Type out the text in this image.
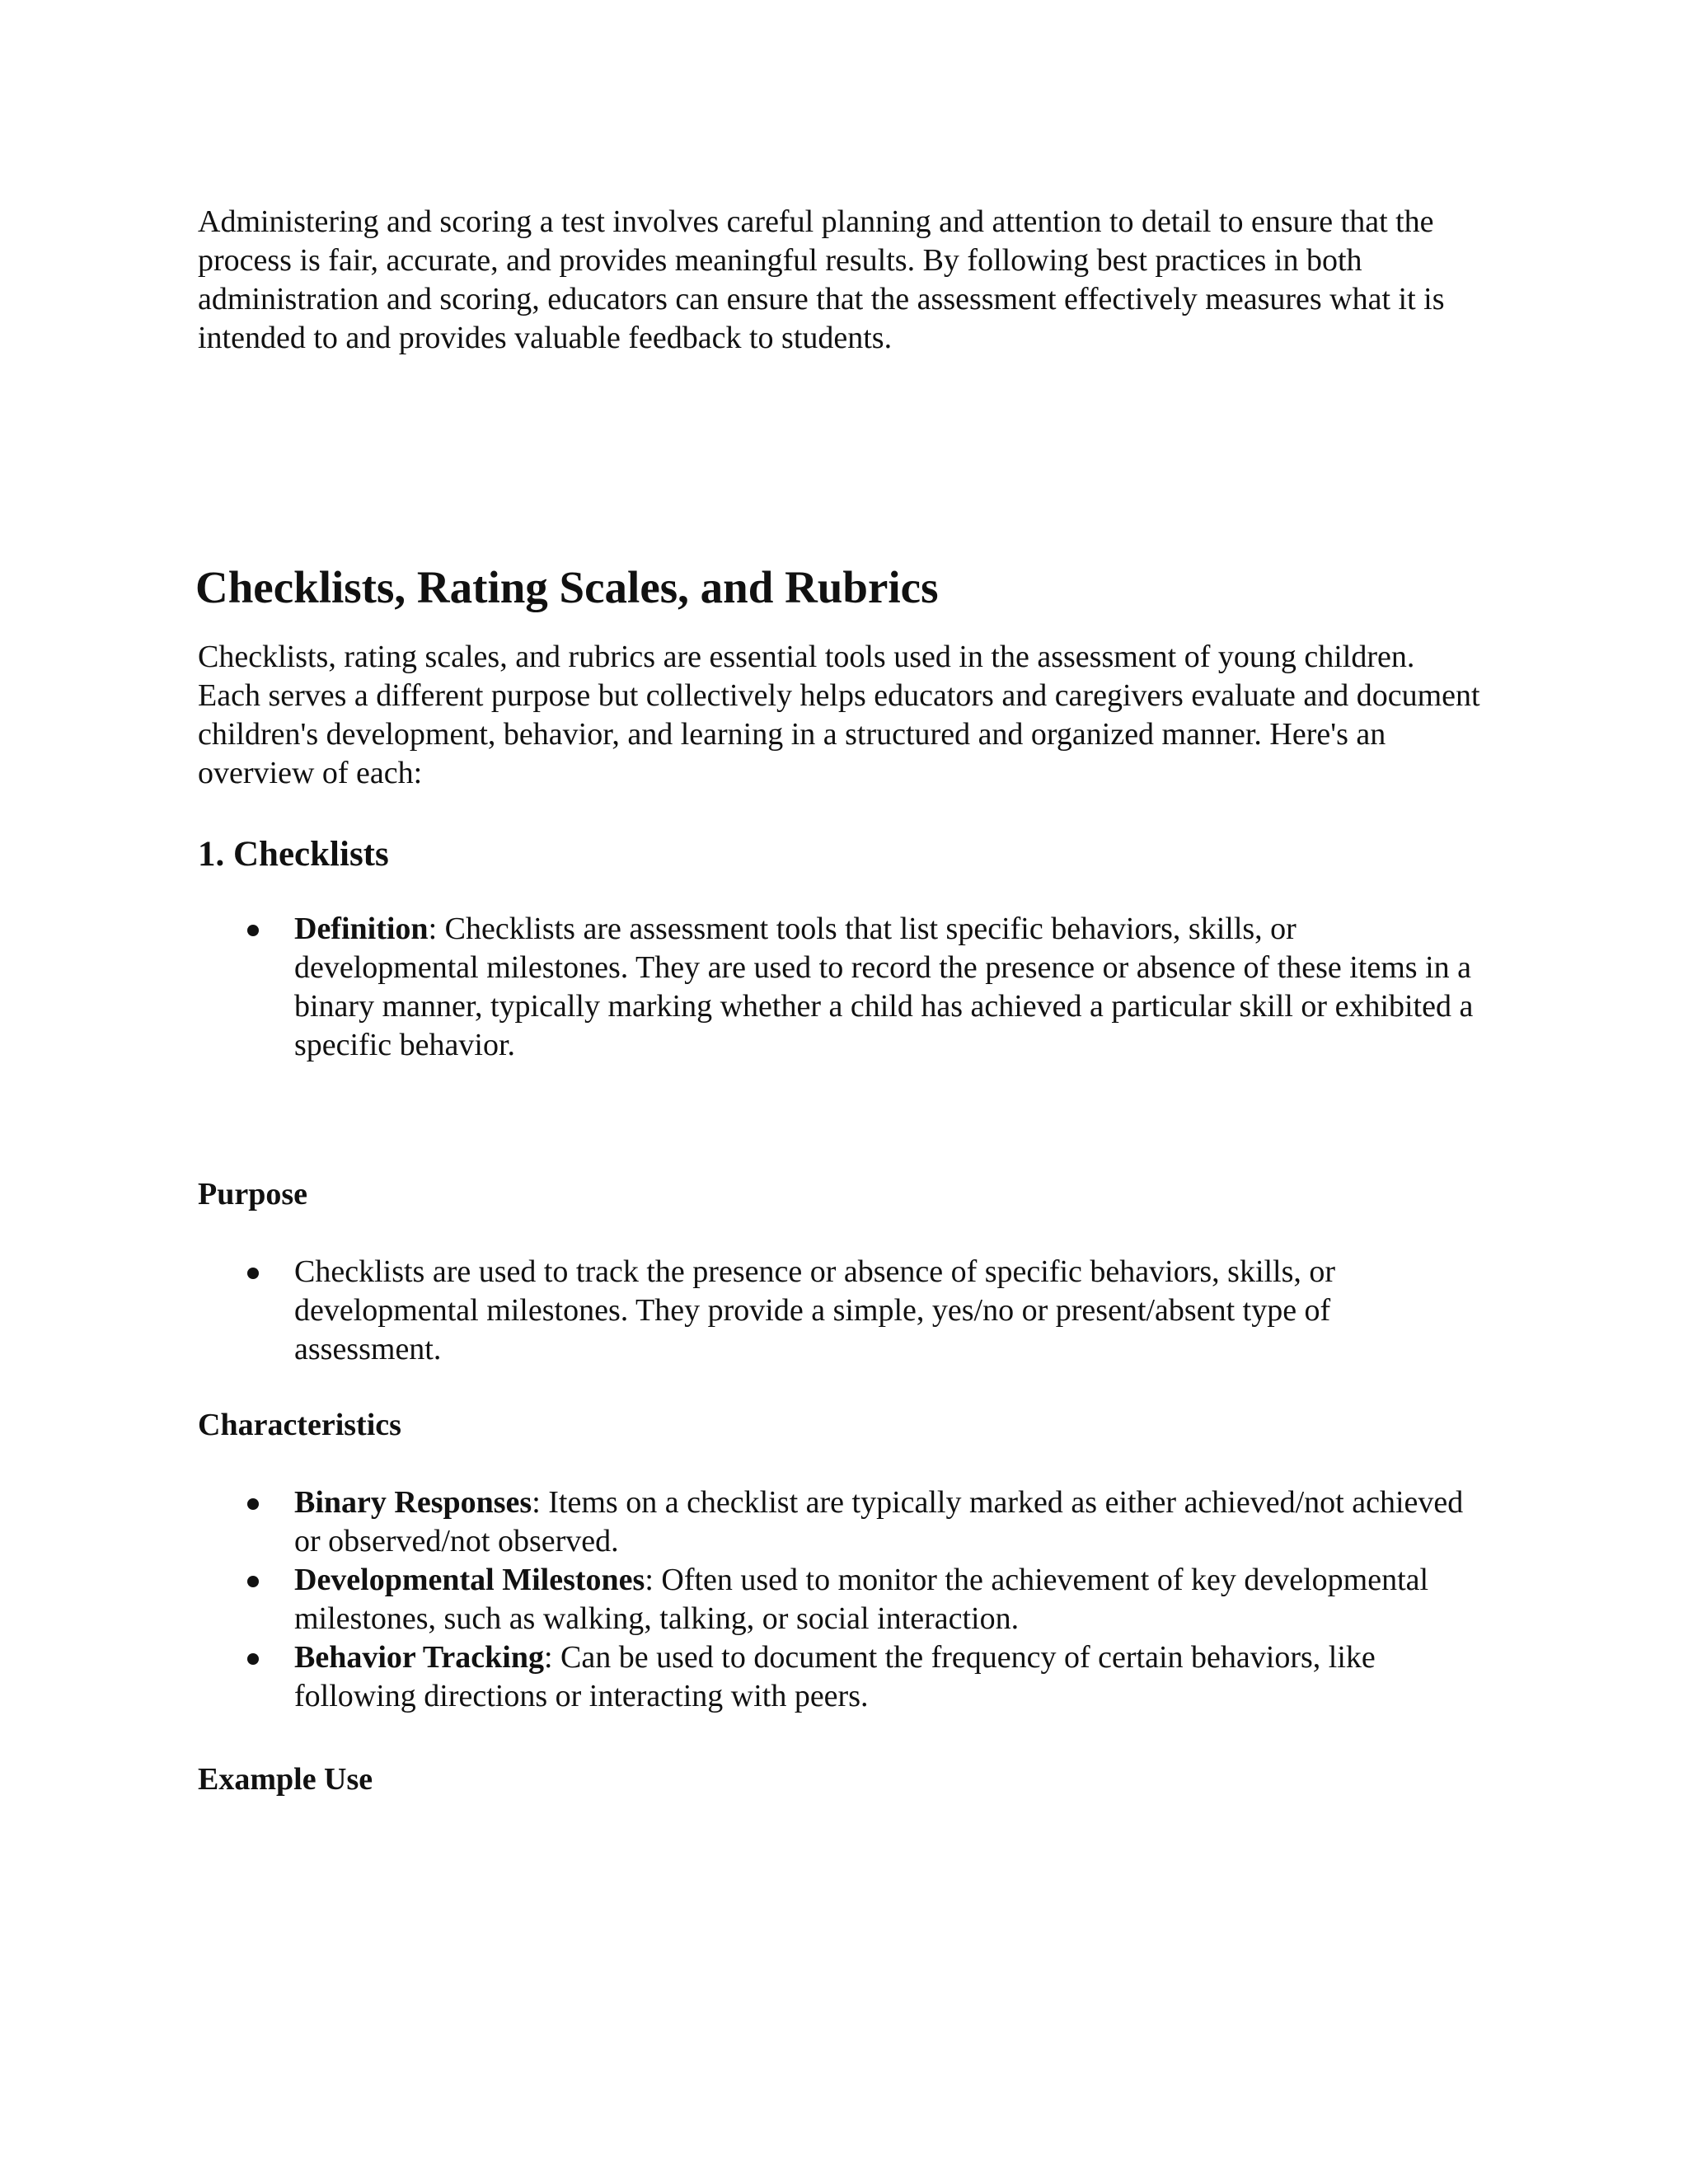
Administering and scoring a test involves careful planning and attention to detail to ensure that the process is fair, accurate, and provides meaningful results. By following best practices in both administration and scoring, educators can ensure that the assessment effectively measures what it is intended to and provides valuable feedback to students.

Checklists, Rating Scales, and Rubrics

Checklists, rating scales, and rubrics are essential tools used in the assessment of young children. Each serves a different purpose but collectively helps educators and caregivers evaluate and document children's development, behavior, and learning in a structured and organized manner. Here's an overview of each:

1. Checklists
Definition: Checklists are assessment tools that list specific behaviors, skills, or developmental milestones. They are used to record the presence or absence of these items in a binary manner, typically marking whether a child has achieved a particular skill or exhibited a specific behavior.
Purpose
Checklists are used to track the presence or absence of specific behaviors, skills, or developmental milestones. They provide a simple, yes/no or present/absent type of assessment.
Characteristics
Binary Responses: Items on a checklist are typically marked as either achieved/not achieved or observed/not observed.
Developmental Milestones: Often used to monitor the achievement of key developmental milestones, such as walking, talking, or social interaction.
Behavior Tracking: Can be used to document the frequency of certain behaviors, like following directions or interacting with peers.
Example Use
